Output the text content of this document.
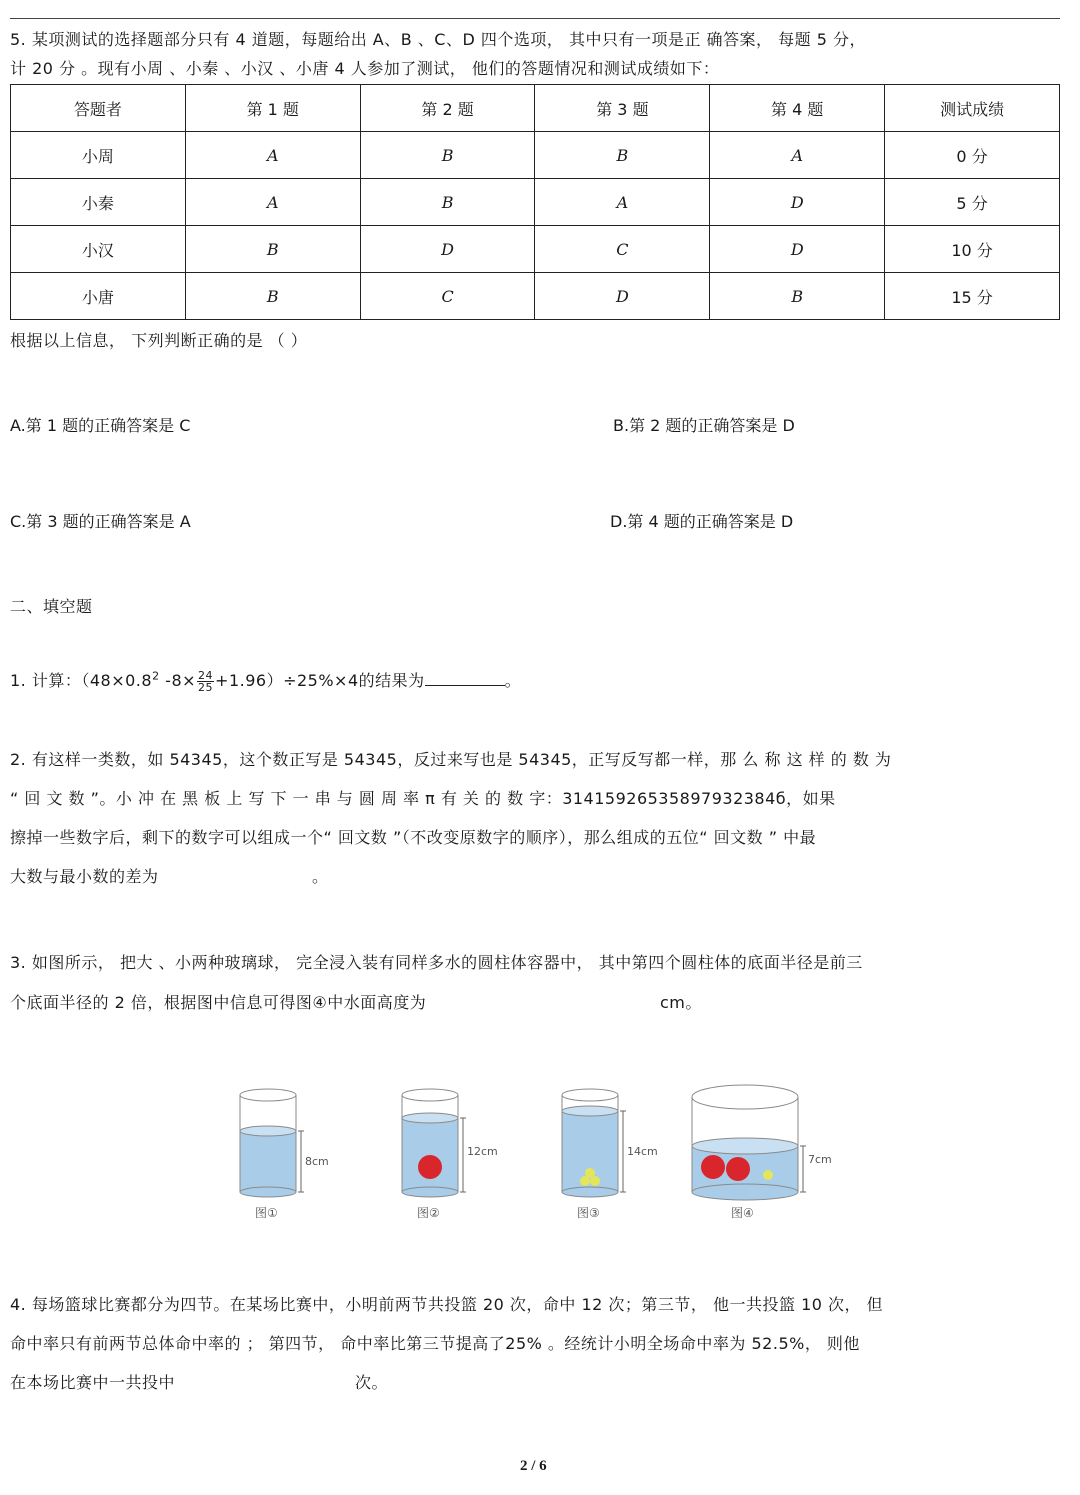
5. 某项测试的选择题部分只有 4 道题，每题给出 A、B 、C、D 四个选项， 其中只有一项是正 确答案， 每题 5 分，
计 20 分 。现有小周 、小秦 、小汉 、小唐 4 人参加了测试， 他们的答题情况和测试成绩如下：
答题者	第 1 题	第 2 题	第 3 题	第 4 题	测试成绩
小周	A	B	B	A	0 分
小秦	A	B	A	D	5 分
小汉	B	D	C	D	10 分
小唐	B	C	D	B	15 分
根据以上信息， 下列判断正确的是 （ ）
A.第 1 题的正确答案是 C	B.第 2 题的正确答案是 D
C.第 3 题的正确答案是 A	D.第 4 题的正确答案是 D
二、填空题
1. 计算：（$48\times 0.8^2$ $-8\times \frac{24}{25} +1.96)\div 25\%\times 4$的结果为	。
2. 有这样一类数，如 54345，这个数正写是 54345，反过来写也是 54345，正写反写都一样，那 么 称 这 样 的 数 为
“ 回 文 数 ”。小 冲 在 黑 板 上 写 下 一 串 与 圆 周 率 π 有 关 的 数 字：31415926535897932384б，如果
擦掉一些数字后，剩下的数字可以组成一个“ 回文数 ”（不改变原数字的顺序），那么组成的五位“ 回文数 ” 中最
大数与最小数的差为	。
3. 如图所示， 把大 、小两种玻璃球， 完全浸入装有同样多水的圆柱体容器中， 其中第四个圆柱体的底面半径是前三
个底面半径的 2 倍，根据图中信息可得图④中水面高度为	cm。
8cm
图①
12cm
图②
14cm
图③
7cm
图④
4. 每场篮球比赛都分为四节。在某场比赛中，小明前两节共投篮 20 次，命中 12 次；第三节， 他一共投篮 10 次， 但
命中率只有前两节总体命中率的 ； 第四节， 命中率比第三节提高了25% 。经统计小明全场命中率为 52.5%， 则他
在本场比赛中一共投中	次。
2 / 6
